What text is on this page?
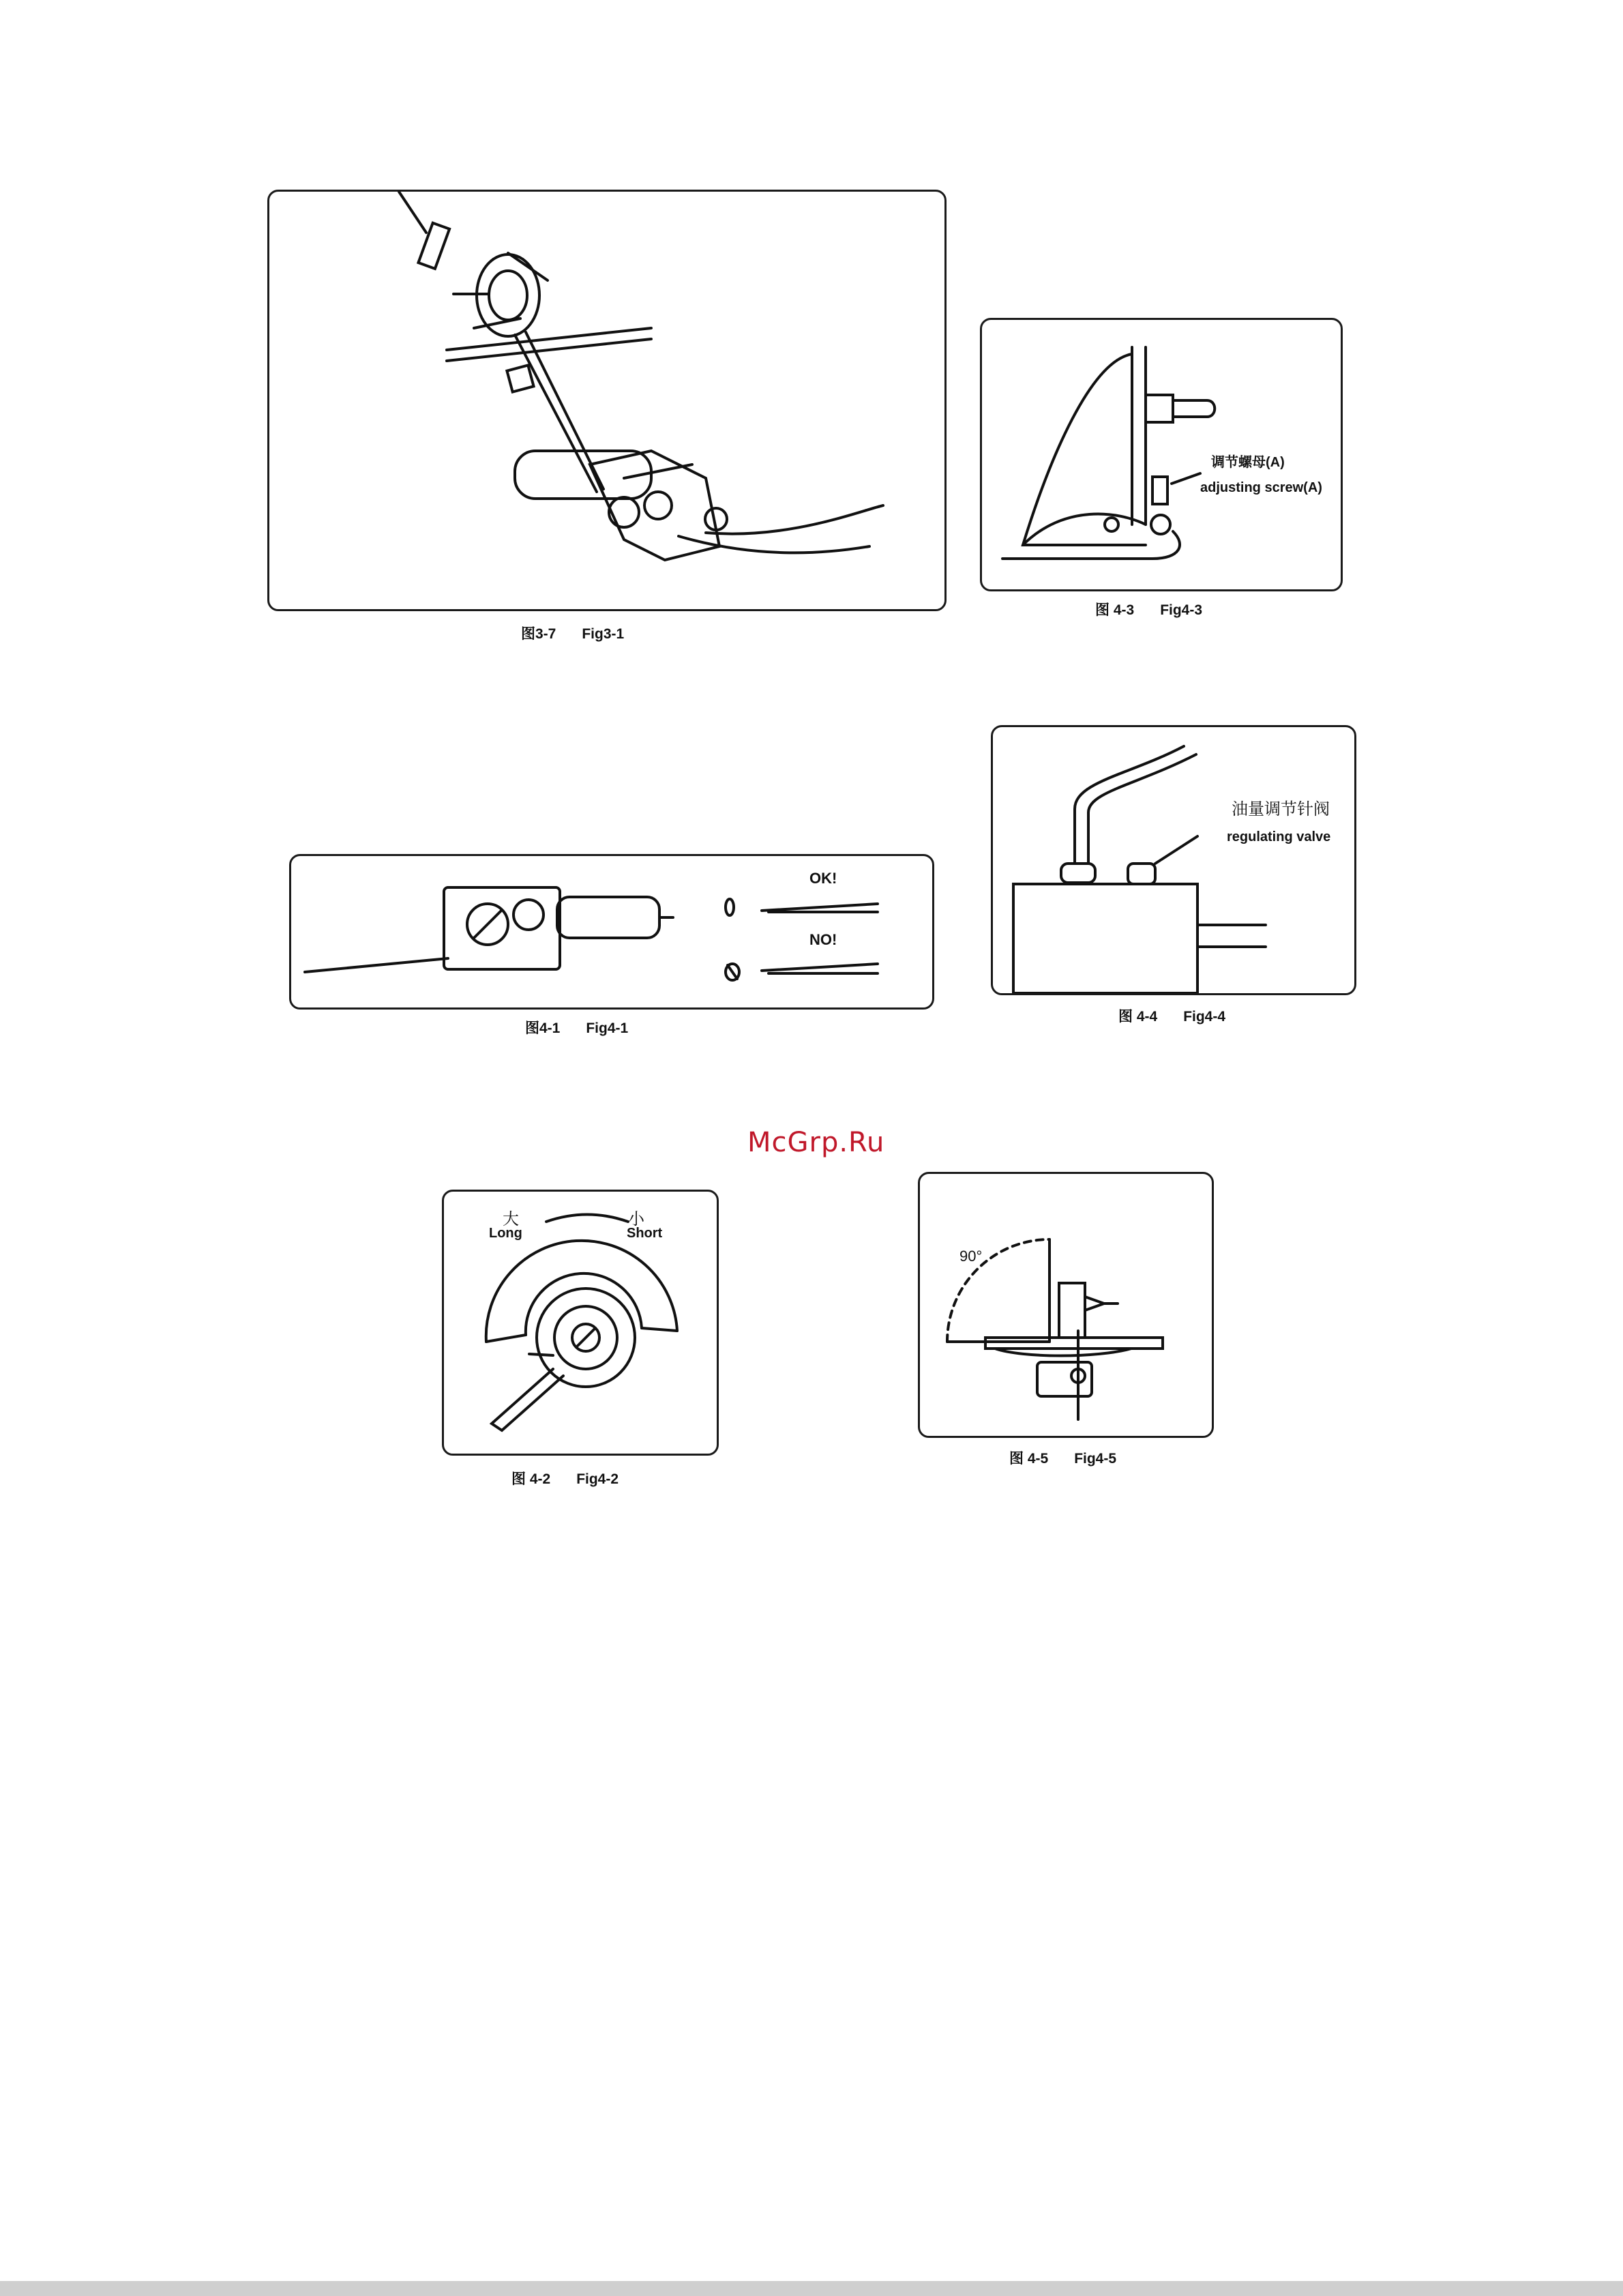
图3-7 Fig3-1
调节螺母(A)
adjusting screw(A)
图 4-3 Fig4-3
油量调节针阀
regulating valve
图 4-4 Fig4-4
OK!
NO!
图4-1 Fig4-1
McGrp.Ru
大
Long
小
Short
图 4-2 Fig4-2
90°
图 4-5 Fig4-5
